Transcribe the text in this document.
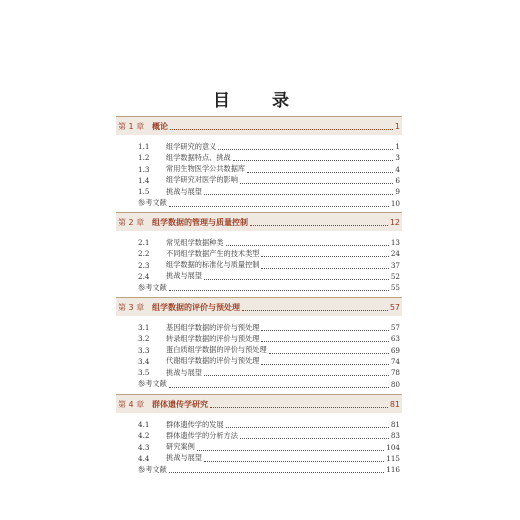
目 录
第 1 章 概论	1
1.1	组学研究的意义	1
1.2	组学数据特点、挑战	3
1.3	常用生物医学公共数据库	4
1.4	组学研究对医学的影响	6
1.5	挑战与展望	9
参考文献	10
第 2 章 组学数据的管理与质量控制	12
2.1	常见组学数据种类	13
2.2	不同组学数据产生的技术类型	24
2.3	组学数据的标准化与质量控制	37
2.4	挑战与展望	52
参考文献	55
第 3 章 组学数据的评价与预处理	57
3.1	基因组学数据的评价与预处理	57
3.2	转录组学数据的评价与预处理	63
3.3	蛋白质组学数据的评价与预处理	69
3.4	代谢组学数据的评价与预处理	74
3.5	挑战与展望	78
参考文献	80
第 4 章 群体遗传学研究	81
4.1	群体遗传学的发展	81
4.2	群体遗传学的分析方法	83
4.3	研究案例	104
4.4	挑战与展望	115
参考文献	116
